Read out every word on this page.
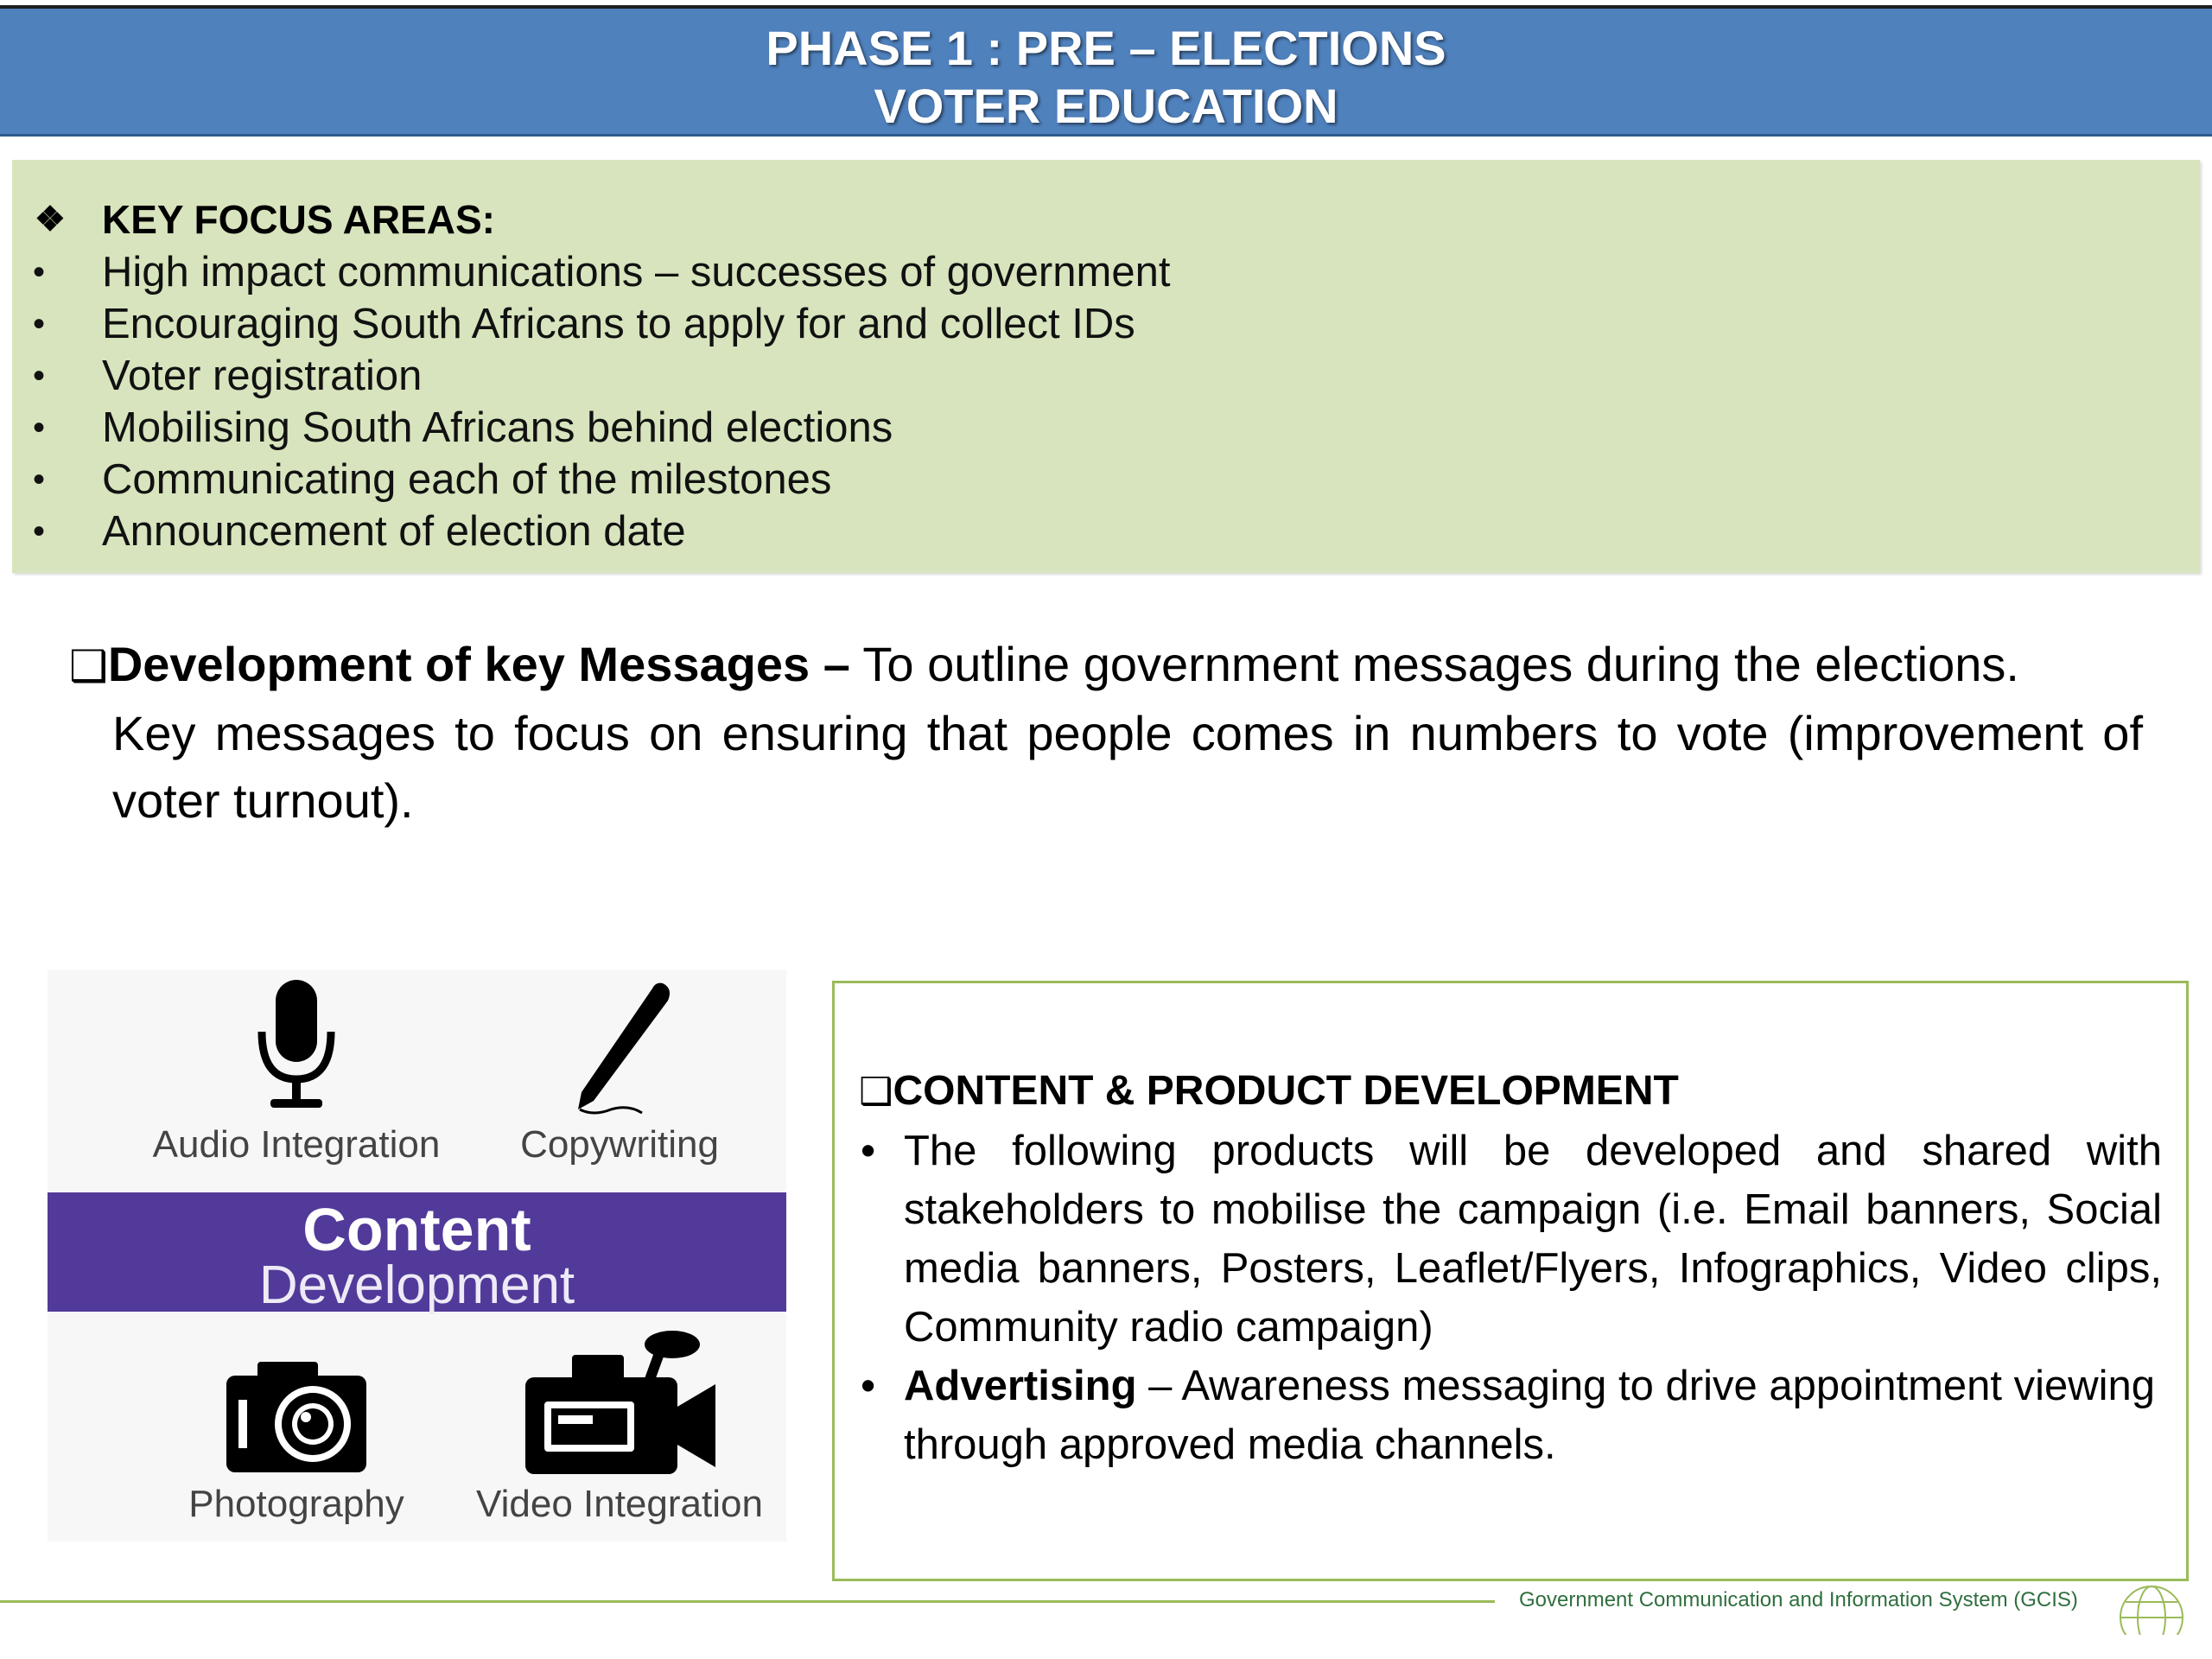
PHASE 1 : PRE – ELECTIONS
VOTER EDUCATION
❖ KEY FOCUS AREAS:
• High impact communications – successes of government
• Encouraging South Africans to apply for and collect IDs
• Voter registration
• Mobilising South Africans behind elections
• Communicating each of the milestones
• Announcement of election date
❑Development of key Messages – To outline government messages during the elections.
Key messages to focus on ensuring that people comes in numbers to vote (improvement of voter turnout).
Audio Integration	Copywriting
Content
Development
Photography	Video Integration
❑CONTENT & PRODUCT DEVELOPMENT
• The following products will be developed and shared with stakeholders to mobilise the campaign (i.e. Email banners, Social media banners, Posters, Leaflet/Flyers, Infographics, Video clips, Community radio campaign)
• Advertising – Awareness messaging to drive appointment viewing through approved media channels.
Government Communication and Information System (GCIS)
